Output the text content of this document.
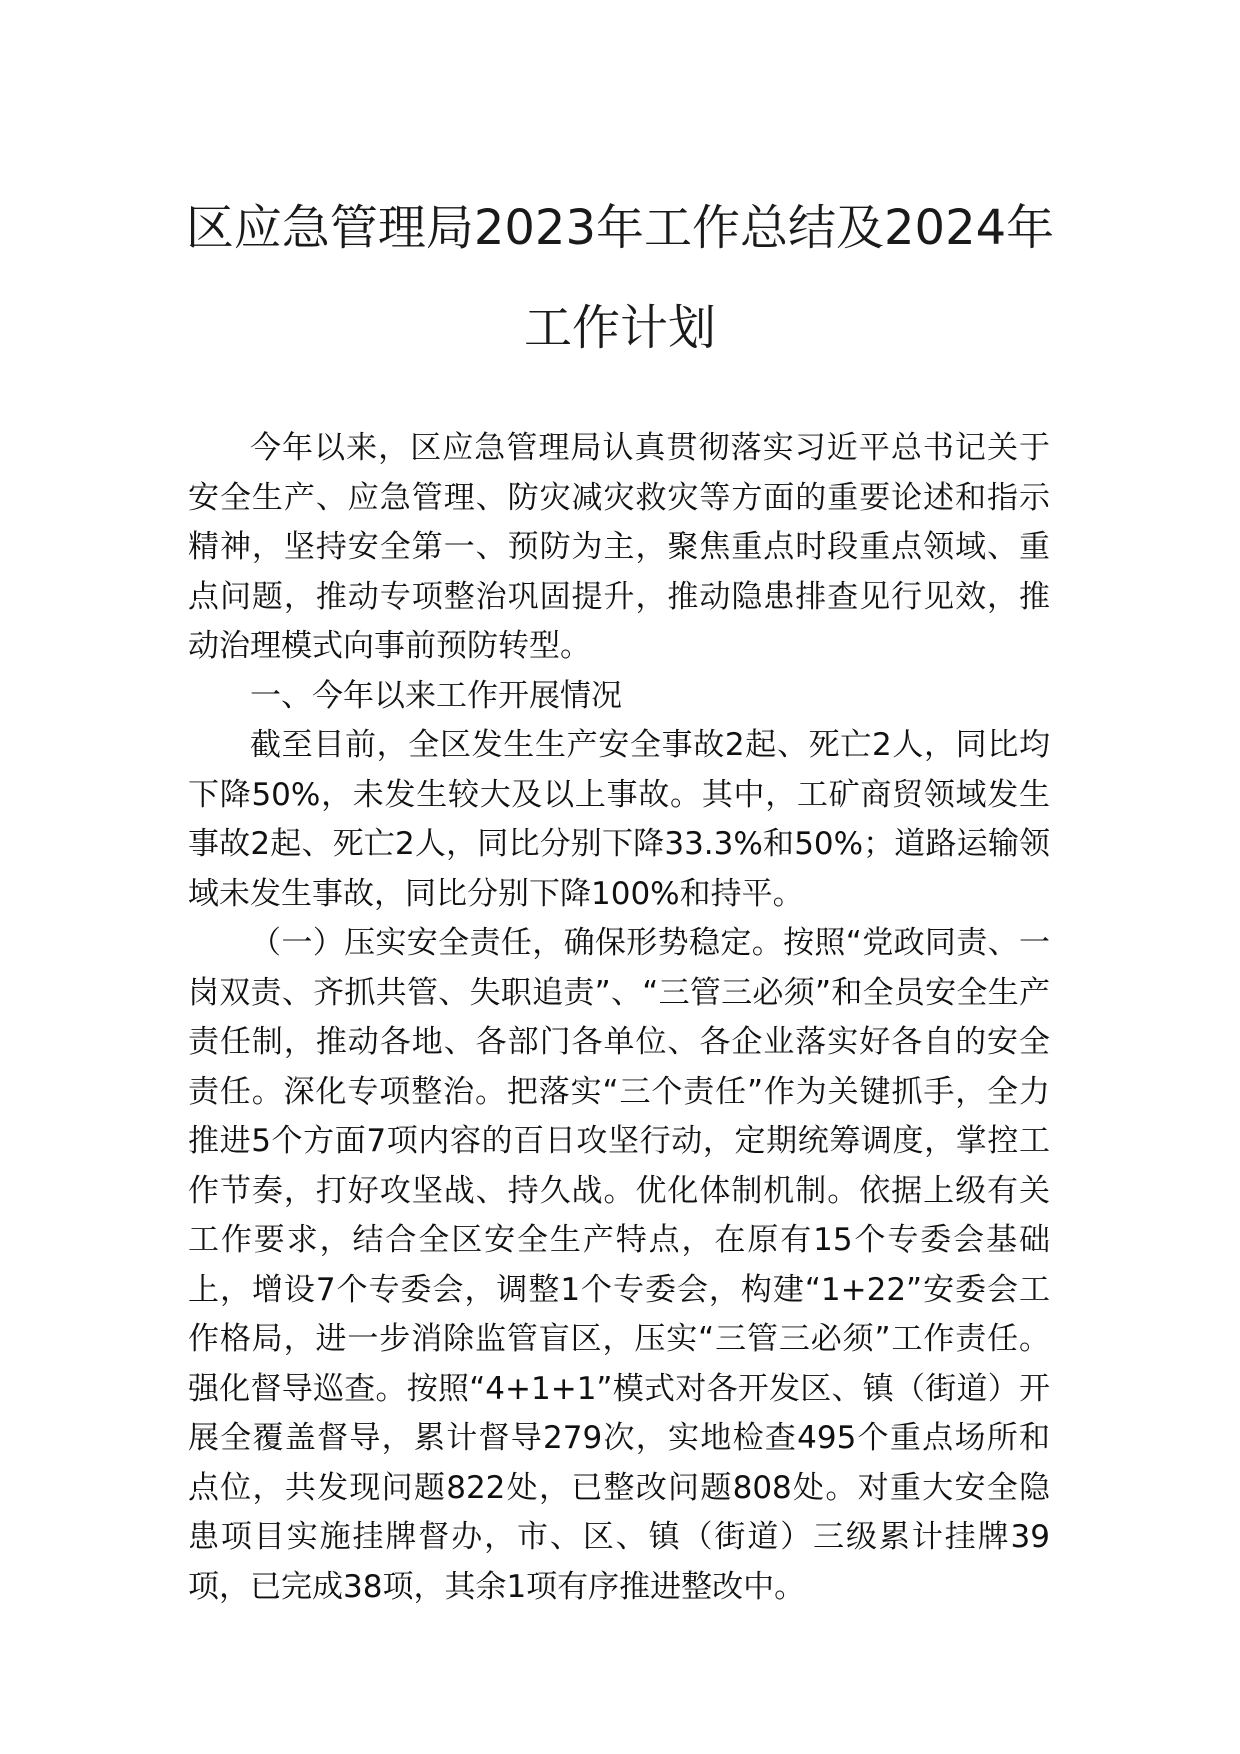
区应急管理局2023年工作总结及2024年工作计划

今年以来，区应急管理局认真贯彻落实习近平总书记关于安全生产、应急管理、防灾减灾救灾等方面的重要论述和指示精神，坚持安全第一、预防为主，聚焦重点时段重点领域、重点问题，推动专项整治巩固提升，推动隐患排查见行见效，推动治理模式向事前预防转型。

一、今年以来工作开展情况

截至目前，全区发生生产安全事故2起、死亡2人，同比均下降50%，未发生较大及以上事故。其中，工矿商贸领域发生事故2起、死亡2人，同比分别下降33.3%和50%；道路运输领域未发生事故，同比分别下降100%和持平。

（一）压实安全责任，确保形势稳定。按照“党政同责、一岗双责、齐抓共管、失职追责”、“三管三必须”和全员安全生产责任制，推动各地、各部门各单位、各企业落实好各自的安全责任。深化专项整治。把落实“三个责任”作为关键抓手，全力推进5个方面7项内容的百日攻坚行动，定期统筹调度，掌控工作节奏，打好攻坚战、持久战。优化体制机制。依据上级有关工作要求，结合全区安全生产特点，在原有15个专委会基础上，增设7个专委会，调整1个专委会，构建“1+22”安委会工作格局，进一步消除监管盲区，压实“三管三必须”工作责任。强化督导巡查。按照“4+1+1”模式对各开发区、镇（街道）开展全覆盖督导，累计督导279次，实地检查495个重点场所和点位，共发现问题822处，已整改问题808处。对重大安全隐患项目实施挂牌督办，市、区、镇（街道）三级累计挂牌39项，已完成38项，其余1项有序推进整改中。
